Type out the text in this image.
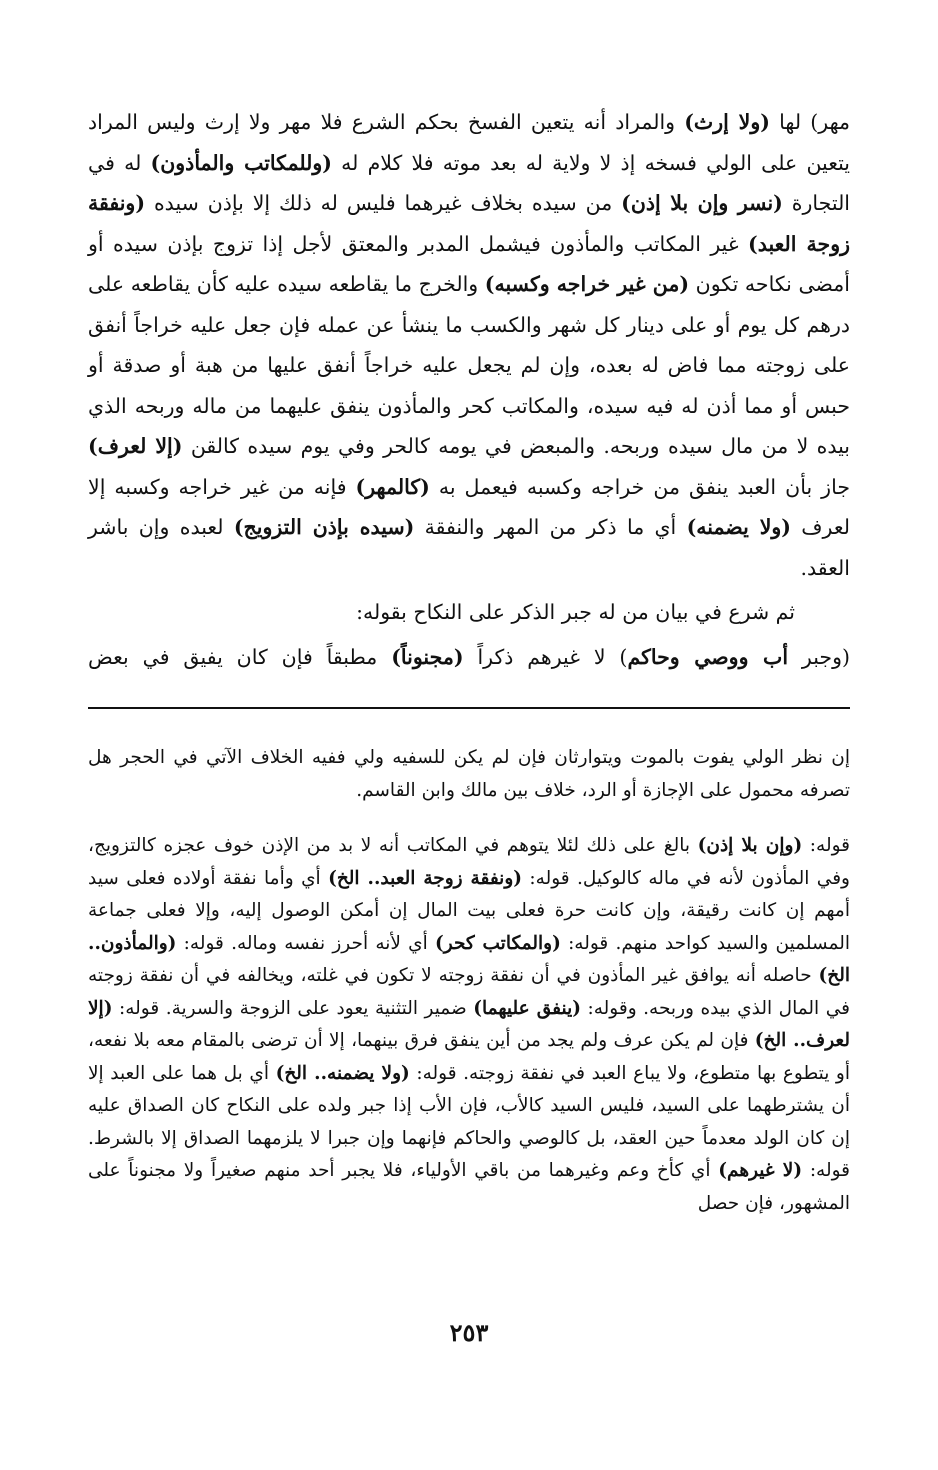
مهر) لها (ولا إرث) والمراد أنه يتعين الفسخ بحكم الشرع فلا مهر ولا إرث وليس المراد يتعين على الولي فسخه إذ لا ولاية له بعد موته فلا كلام له (وللمكاتب والمأذون) له في التجارة (نسر وإن بلا إذن) من سيده بخلاف غيرهما فليس له ذلك إلا بإذن سيده (ونفقة زوجة العبد) غير المكاتب والمأذون فيشمل المدبر والمعتق لأجل إذا تزوج بإذن سيده أو أمضى نكاحه تكون (من غير خراجه وكسبه) والخرج ما يقاطعه سيده عليه كأن يقاطعه على درهم كل يوم أو على دينار كل شهر والكسب ما ينشأ عن عمله فإن جعل عليه خراجاً أنفق على زوجته مما فاض له بعده، وإن لم يجعل عليه خراجاً أنفق عليها من هبة أو صدقة أو حبس أو مما أذن له فيه سيده، والمكاتب كحر والمأذون ينفق عليهما من ماله وربحه الذي بيده لا من مال سيده وربحه. والمبعض في يومه كالحر وفي يوم سيده كالقن (إلا لعرف) جاز بأن العبد ينفق من خراجه وكسبه فيعمل به (كالمهر) فإنه من غير خراجه وكسبه إلا لعرف (ولا يضمنه) أي ما ذكر من المهر والنفقة (سيده بإذن التزويج) لعبده وإن باشر العقد.

ثم شرع في بيان من له جبر الذكر على النكاح بقوله:

(وجبر أب ووصي وحاكم) لا غيرهم ذكراً (مجنوناً) مطبقاً فإن كان يفيق في بعض

إن نظر الولي يفوت بالموت ويتوارثان فإن لم يكن للسفيه ولي ففيه الخلاف الآتي في الحجر هل تصرفه محمول على الإجازة أو الرد، خلاف بين مالك وابن القاسم.

قوله: (وإن بلا إذن) بالغ على ذلك لئلا يتوهم في المكاتب أنه لا بد من الإذن خوف عجزه كالتزويج، وفي المأذون لأنه في ماله كالوكيل. قوله: (ونفقة زوجة العبد.. الخ) أي وأما نفقة أولاده فعلى سيد أمهم إن كانت رقيقة، وإن كانت حرة فعلى بيت المال إن أمكن الوصول إليه، وإلا فعلى جماعة المسلمين والسيد كواحد منهم. قوله: (والمكاتب كحر) أي لأنه أحرز نفسه وماله. قوله: (والمأذون.. الخ) حاصله أنه يوافق غير المأذون في أن نفقة زوجته لا تكون في غلته، ويخالفه في أن نفقة زوجته في المال الذي بيده وربحه. وقوله: (ينفق عليهما) ضمير التثنية يعود على الزوجة والسرية. قوله: (إلا لعرف.. الخ) فإن لم يكن عرف ولم يجد من أين ينفق فرق بينهما، إلا أن ترضى بالمقام معه بلا نفعه، أو يتطوع بها متطوع، ولا يباع العبد في نفقة زوجته. قوله: (ولا يضمنه.. الخ) أي بل هما على العبد إلا أن يشترطهما على السيد، فليس السيد كالأب، فإن الأب إذا جبر ولده على النكاح كان الصداق عليه إن كان الولد معدماً حين العقد، بل كالوصي والحاكم فإنهما وإن جبرا لا يلزمهما الصداق إلا بالشرط. قوله: (لا غيرهم) أي كأخ وعم وغيرهما من باقي الأولياء، فلا يجبر أحد منهم صغيراً ولا مجنوناً على المشهور، فإن حصل

٢٥٣
